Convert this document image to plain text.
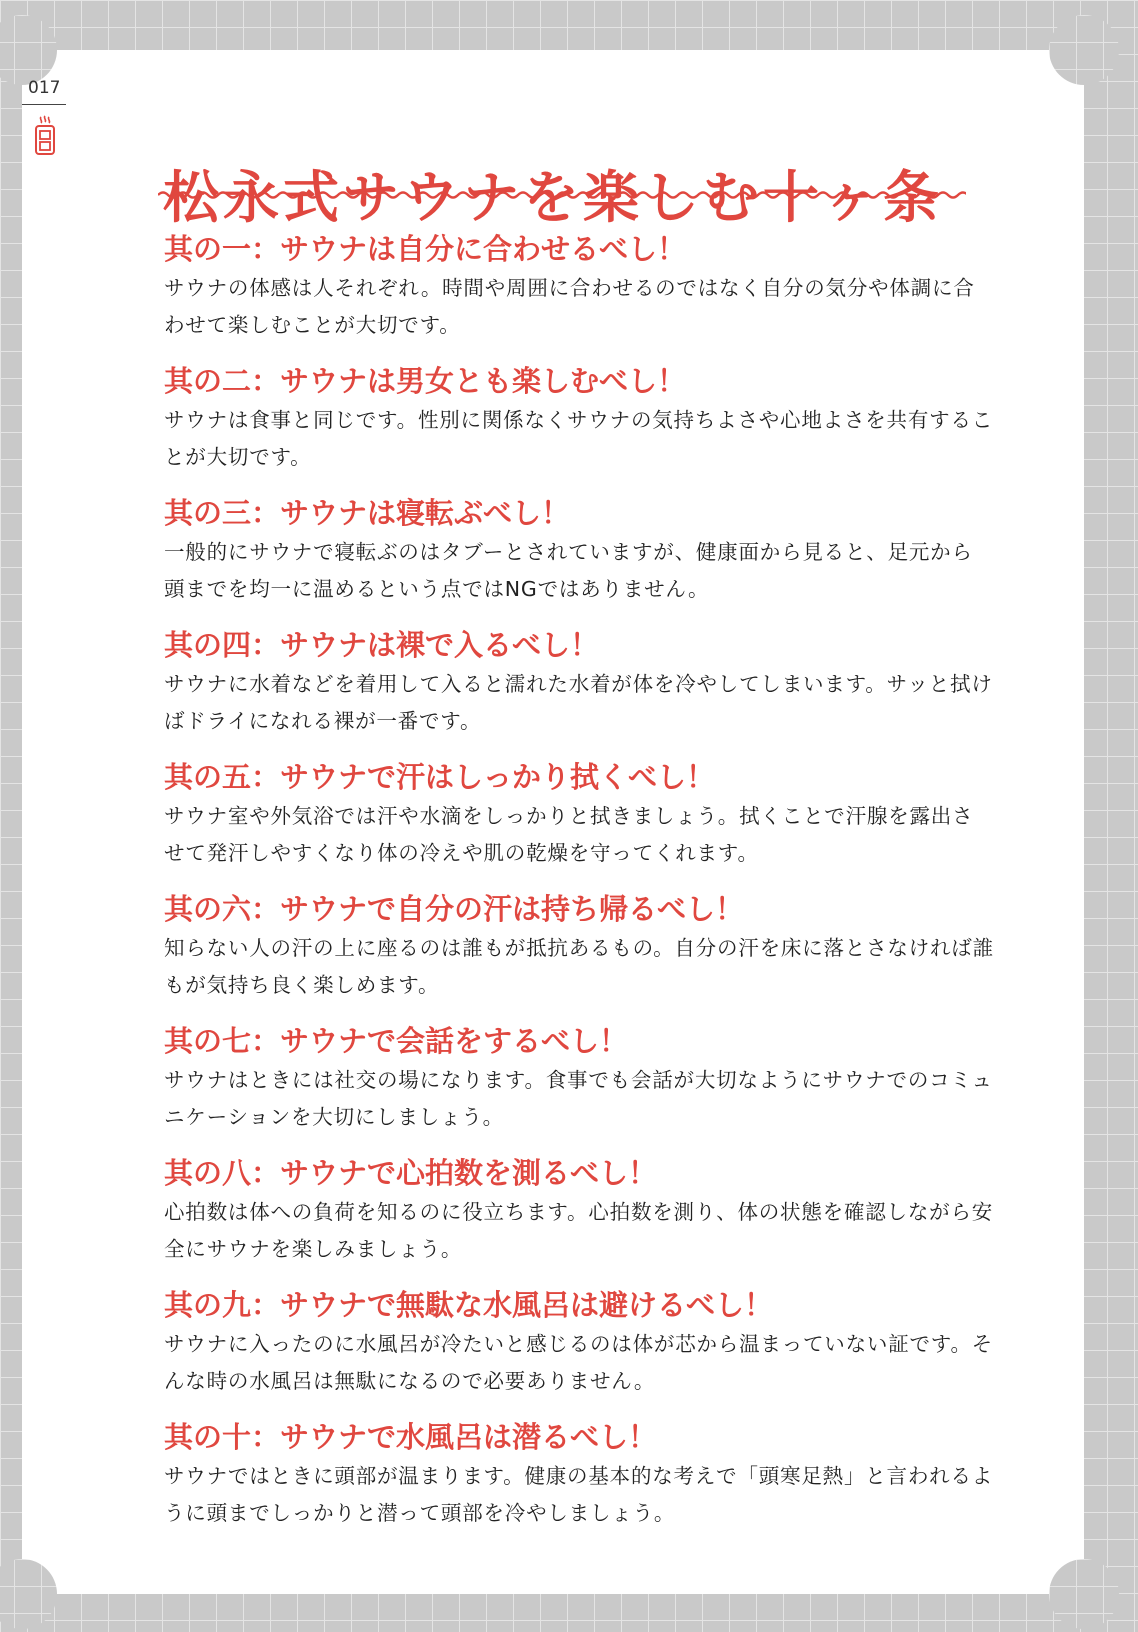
017
松永式サウナを楽しむ十ヶ条

其の一：サウナは自分に合わせるべし！

サウナの体感は人それぞれ。時間や周囲に合わせるのではなく自分の気分や体調に合わせて楽しむことが大切です。

其の二：サウナは男女とも楽しむべし！

サウナは食事と同じです。性別に関係なくサウナの気持ちよさや心地よさを共有することが大切です。

其の三：サウナは寝転ぶべし！

一般的にサウナで寝転ぶのはタブーとされていますが、健康面から見ると、足元から頭までを均一に温めるという点ではNGではありません。

其の四：サウナは裸で入るべし！

サウナに水着などを着用して入ると濡れた水着が体を冷やしてしまいます。サッと拭けばドライになれる裸が一番です。

其の五：サウナで汗はしっかり拭くべし！

サウナ室や外気浴では汗や水滴をしっかりと拭きましょう。拭くことで汗腺を露出させて発汗しやすくなり体の冷えや肌の乾燥を守ってくれます。

其の六：サウナで自分の汗は持ち帰るべし！

知らない人の汗の上に座るのは誰もが抵抗あるもの。自分の汗を床に落とさなければ誰もが気持ち良く楽しめます。

其の七：サウナで会話をするべし！

サウナはときには社交の場になります。食事でも会話が大切なようにサウナでのコミュニケーションを大切にしましょう。

其の八：サウナで心拍数を測るべし！

心拍数は体への負荷を知るのに役立ちます。心拍数を測り、体の状態を確認しながら安全にサウナを楽しみましょう。

其の九：サウナで無駄な水風呂は避けるべし！

サウナに入ったのに水風呂が冷たいと感じるのは体が芯から温まっていない証です。そんな時の水風呂は無駄になるので必要ありません。

其の十：サウナで水風呂は潜るべし！

サウナではときに頭部が温まります。健康の基本的な考えで「頭寒足熱」と言われるように頭までしっかりと潜って頭部を冷やしましょう。
